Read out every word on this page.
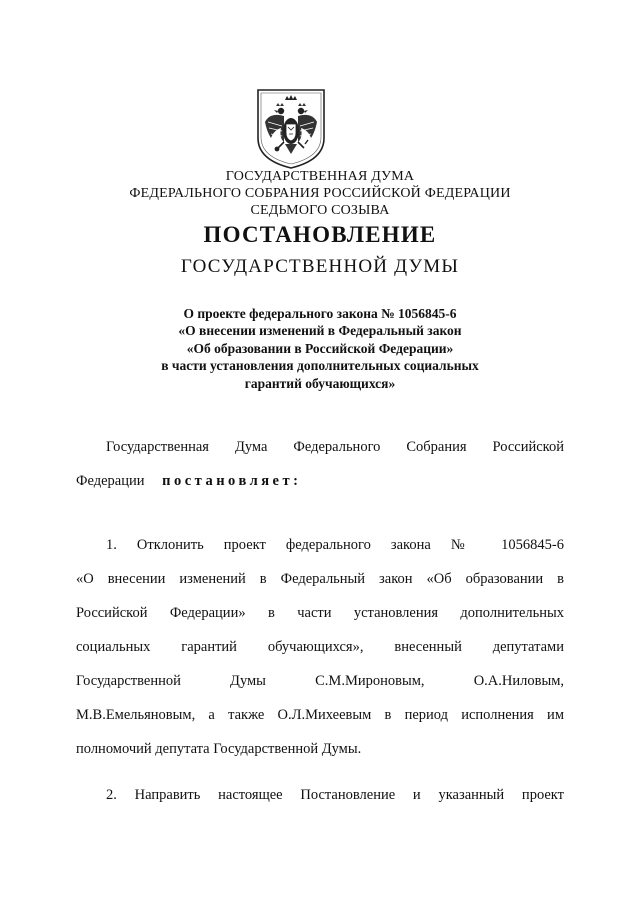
ГОСУДАРСТВЕННАЯ ДУМА
ФЕДЕРАЛЬНОГО СОБРАНИЯ РОССИЙСКОЙ ФЕДЕРАЦИИ
СЕДЬМОГО СОЗЫВА
ПОСТАНОВЛЕНИЕ
ГОСУДАРСТВЕННОЙ ДУМЫ
О проекте федерального закона № 1056845-6
«О внесении изменений в Федеральный закон
«Об образовании в Российской Федерации»
в части установления дополнительных социальных
гарантий обучающихся»
Государственная Дума Федерального Собрания Российской
Федерации постановляет:
1. Отклонить проект федерального закона № 1056845-6
«О внесении изменений в Федеральный закон «Об образовании в
Российской Федерации» в части установления дополнительных
социальных гарантий обучающихся», внесенный депутатами
Государственной Думы С.М.Мироновым, О.А.Ниловым,
М.В.Емельяновым, а также О.Л.Михеевым в период исполнения им
полномочий депутата Государственной Думы.
2. Направить настоящее Постановление и указанный проект
